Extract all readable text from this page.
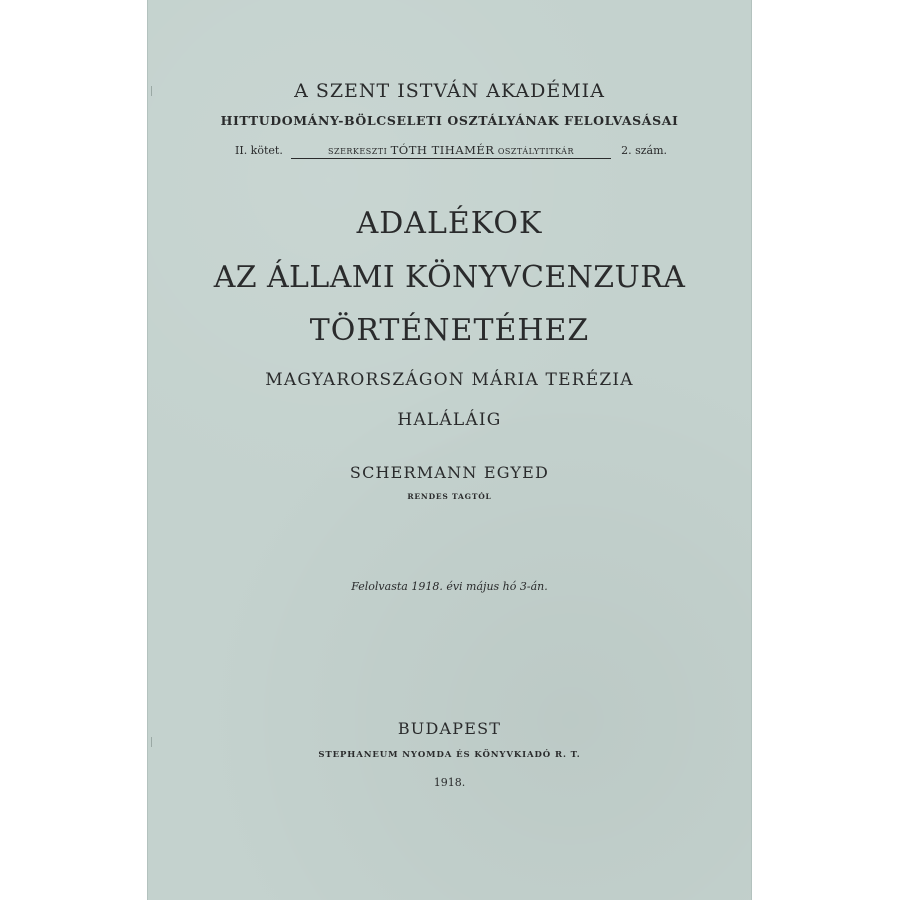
A SZENT ISTVÁN AKADÉMIA
HITTUDOMÁNY-BÖLCSELETI OSZTÁLYÁNAK FELOLVASÁSAI
II. kötet.	SZERKESZTI TÓTH TIHAMÉR OSZTÁLYTITKÁR	2. szám.
ADALÉKOK
AZ ÁLLAMI KÖNYVCENZURA
TÖRTÉNETÉHEZ
MAGYARORSZÁGON MÁRIA TERÉZIA
HALÁLÁIG
SCHERMANN EGYED
RENDES TAGTÓL
Felolvasta 1918. évi május hó 3-án.
BUDAPEST
STEPHANEUM NYOMDA ÉS KÖNYVKIADÓ R. T.
1918.
